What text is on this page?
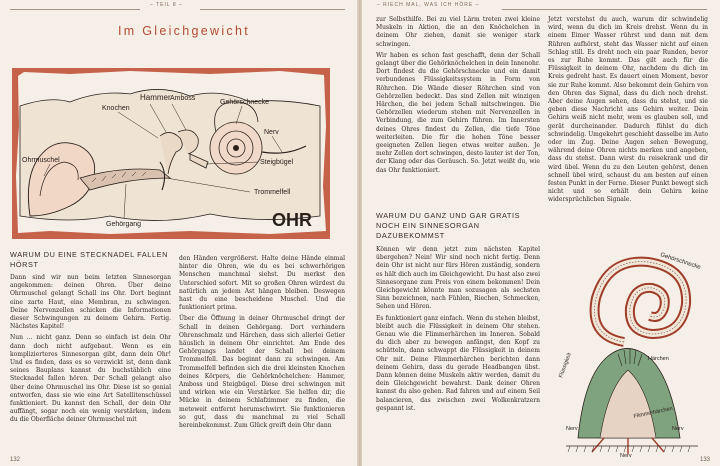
– TEIL 8 –
Im Gleichgewicht
Hammer Amboss
Knochen
Gehörschnecke
Nerv
Steigbügel
Ohrmuschel
Trommelfell
Gehörgang	OHR
WARUM DU EINE STECKNADEL FALLEN HÖRST

Dann sind wir nun beim letzten Sinnesorgan angekommen: deinen Ohren. Über deine Ohrmuschel gelangt Schall ins Ohr. Dort beginnt eine zarte Haut, eine Membran, zu schwingen. Deine Nervenzellen schicken die Informationen dieser Schwingungen zu deinem Gehirn. Fertig. Nächstes Kapitel!

Nun … nicht ganz. Denn so einfach ist dein Ohr dann doch nicht aufgebaut. Wenn es ein komplizierteres Sinnesorgan gibt, dann dein Ohr! Und es finden, dass es so verzwickt ist, denn dank seines Bauplans kannst du buchstäblich eine Stecknadel fallen hören. Der Schall gelangt also über deine Ohrmuschel ins Ohr. Diese ist so genial entworfen, dass sie wie eine Art Satellitenschüssel funktioniert. Du kannst den Schall, der dein Ohr auffängt, sogar noch ein wenig verstärken, indem du die Oberfläche deiner Ohrmuschel mit

den Händen vergrößerst. Halte deine Hände einmal hinter die Ohren, wie du es bei schwerhörigen Menschen manchmal siehst. Du merkst den Unterschied sofort. Mit so großen Ohren würdest du natürlich an jedem Ast hängen bleiben. Deswegen hast du eine bescheidene Muschel. Und die funktioniert prima.

Über die Öffnung in deiner Ohrmuschel dringt der Schall in deinen Gehörgang. Dort verhindern Ohrenschmalz und Härchen, dass sich allerlei Getier häuslich in deinem Ohr einrichtet. Am Ende des Gehörgangs landet der Schall bei deinem Trommelfell. Das beginnt dann zu schwingen. Am Trommelfell befinden sich die drei kleinsten Knochen deines Körpers, die Gehörknöchelchen: Hammer, Amboss und Steigbügel. Diese drei schwingen mit und wirken wie ein Verstärker. Sie helfen dir, die Mücke in deinem Schlafzimmer zu finden, die meteweit entfernt herumschwirrt. Sie funktionieren so gut, dass du manchmal zu viel Schall hereinbekommst. Zum Glück greift dein Ohr dann

132
– RIECH MAL, WAS ICH HÖRE –

zur Selbsthilfe. Bei zu viel Lärm treten zwei kleine Muskeln in Aktion, die an den Knöchelchen in deinem Ohr ziehen, damit sie weniger stark schwingen.

Wir haben es schon fast geschafft, denn der Schall gelangt über die Gehörknöchelchen in dein Innenohr. Dort findest du die Gehörschnecke und ein damit verbundenes Flüssigkeitssystem in Form von Röhrchen. Die Wände dieser Röhrchen sind von Gehörzellen bedeckt. Das sind Zellen mit winzigen Härchen, die bei jedem Schall mitschwingen. Die Gehörzellen wiederum stehen mit Nervenzellen in Verbindung, die zum Gehirn führen. Im Innersten deines Ohres findest du Zellen, die tiefe Töne weiterleiten. Die für die hohen Töne besser geeigneten Zellen liegen etwas weiter außen. Je mehr Zellen dort schwingen, desto lauter ist der Ton, der Klang oder das Geräusch. So. Jetzt weißt du, wie das Ohr funktioniert.

WARUM DU GANZ UND GAR GRATIS NOCH EIN SINNESORGAN DAZUBEKOMMST

Können wir denn jetzt zum nächsten Kapitel übergehen? Nein! Wir sind noch nicht fertig. Denn dein Ohr ist nicht nur fürs Hören zuständig, sondern es hält dich auch im Gleichgewicht. Du hast also zwei Sinnesorgane zum Preis von einem bekommen! Dein Gleichgewicht könnte man sozusagen als sechsten Sinn bezeichnen, nach Fühlen, Riechen, Schmecken, Sehen und Hören.

Es funktioniert ganz einfach. Wenn du stehen bleibst, bleibt auch die Flüssigkeit in deinem Ohr stehen. Genau wie die Flimmerhärchen im Inneren. Sobald du dich aber zu bewegen anfängst, den Kopf zu schütteln, dann schwappt die Flüssigkeit in deinem Ohr mit. Deine Flimmerhärchen berichten dann deinem Gehirn, dass du gerade Headbangen übst. Dann können deine Muskeln aktiv werden, damit du dein Gleichgewicht bewahrst. Dank deiner Ohren kannst du also gehen. Rad fahren und auf einem Seil balancieren, das zwischen zwei Wolkenkratzern gespannt ist.

Jetzt verstehst du auch, warum dir schwindelig wird, wenn du dich im Kreis drehst. Wenn du in einem Eimer Wasser rührst und dann mit dem Rühren aufhörst, steht das Wasser nicht auf einen Schlag still. Es dreht noch ein paar Runden, bevor es zur Ruhe kommt. Das gilt auch für die Flüssigkeit in deinem Ohr, nachdem du dich im Kreis gedreht hast. Es dauert einen Moment, bevor sie zur Ruhe kommt. Also bekommt dein Gehirn von den Ohren das Signal, dass du dich noch drehst. Aber deine Augen sehen, dass du stehst, und sie geben diese Nachricht ans Gehirn weiter. Dein Gehirn weiß nicht mehr, wem es glauben soll, und gerät durcheinander. Dadurch fühlst du dich schwindelig. Umgekehrt geschieht dasselbe im Auto oder im Zug. Deine Augen sehen Bewegung, während deine Ohren nichts merken und angeben, dass du stehst. Dann wirst du reisekrank und dir wird übel. Wenn du zu den Leuten gehörst, denen schnell übel wird, schaust du am besten auf einen festen Punkt in der Ferne. Dieser Punkt bewegt sich nicht und so erhält dein Gehirn keine widersprüchlichen Signale.

Gehörschnecke
Flüssigkeit	Härchen
Nerv	Nerv
Flimmerhärchen
Nerv
133
